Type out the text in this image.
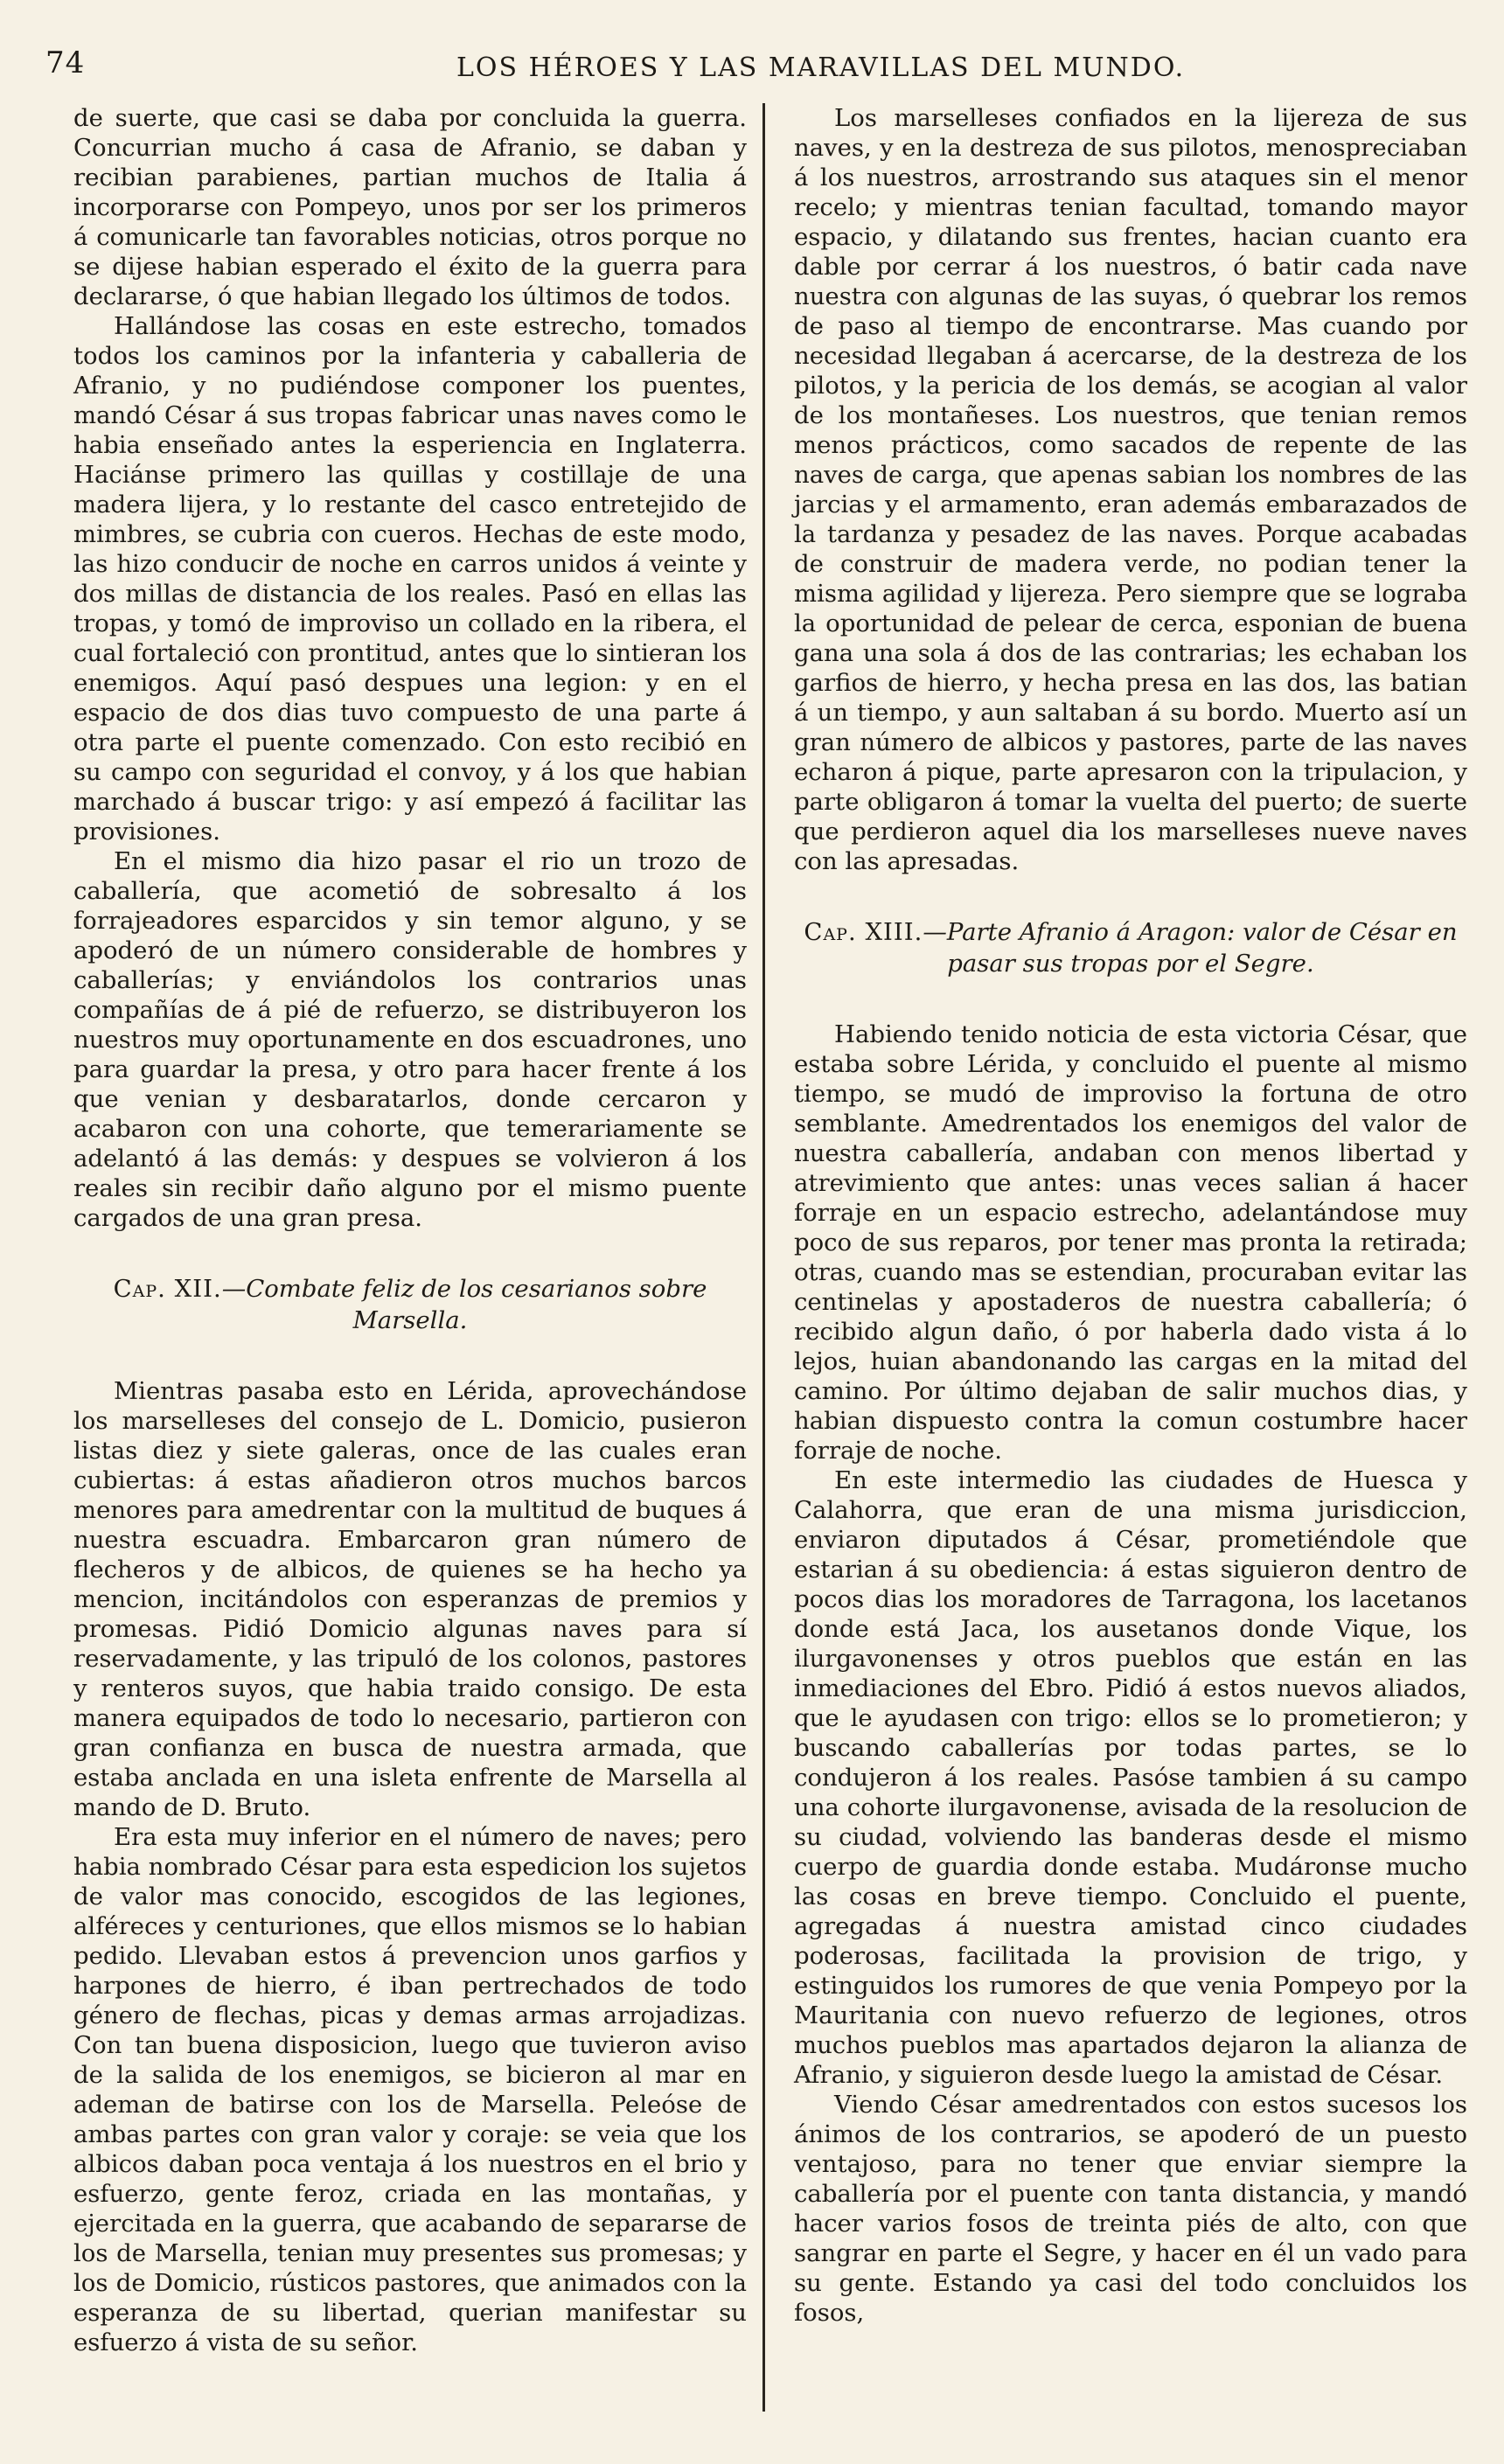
74	LOS HÉROES Y LAS MARAVILLAS DEL MUNDO.

de suerte, que casi se daba por concluida la guerra. Concurrian mucho á casa de Afranio, se daban y recibian parabienes, partian muchos de Italia á incorporarse con Pompeyo, unos por ser los primeros á comunicarle tan favorables noticias, otros porque no se dijese habian esperado el éxito de la guerra para declararse, ó que habian llegado los últimos de todos.

Hallándose las cosas en este estrecho, tomados todos los caminos por la infanteria y caballeria de Afranio, y no pudiéndose componer los puentes, mandó César á sus tropas fabricar unas naves como le habia enseñado antes la esperiencia en Inglaterra. Haciánse primero las quillas y costillaje de una madera lijera, y lo restante del casco entretejido de mimbres, se cubria con cueros. Hechas de este modo, las hizo conducir de noche en carros unidos á veinte y dos millas de distancia de los reales. Pasó en ellas las tropas, y tomó de improviso un collado en la ribera, el cual fortaleció con prontitud, antes que lo sintieran los enemigos. Aquí pasó despues una legion: y en el espacio de dos dias tuvo compuesto de una parte á otra parte el puente comenzado. Con esto recibió en su campo con seguridad el convoy, y á los que habian marchado á buscar trigo: y así empezó á facilitar las provisiones.

En el mismo dia hizo pasar el rio un trozo de caballería, que acometió de sobresalto á los forrajeadores esparcidos y sin temor alguno, y se apoderó de un número considerable de hombres y caballerías; y enviándolos los contrarios unas compañías de á pié de refuerzo, se distribuyeron los nuestros muy oportunamente en dos escuadrones, uno para guardar la presa, y otro para hacer frente á los que venian y desbaratarlos, donde cercaron y acabaron con una cohorte, que temerariamente se adelantó á las demás: y despues se volvieron á los reales sin recibir daño alguno por el mismo puente cargados de una gran presa.

Cap. XII.—Combate feliz de los cesarianos sobre Marsella.

Mientras pasaba esto en Lérida, aprovechándose los marselleses del consejo de L. Domicio, pusieron listas diez y siete galeras, once de las cuales eran cubiertas: á estas añadieron otros muchos barcos menores para amedrentar con la multitud de buques á nuestra escuadra. Embarcaron gran número de flecheros y de albicos, de quienes se ha hecho ya mencion, incitándolos con esperanzas de premios y promesas. Pidió Domicio algunas naves para sí reservadamente, y las tripuló de los colonos, pastores y renteros suyos, que habia traido consigo. De esta manera equipados de todo lo necesario, partieron con gran confianza en busca de nuestra armada, que estaba anclada en una isleta enfrente de Marsella al mando de D. Bruto.

Era esta muy inferior en el número de naves; pero habia nombrado César para esta espedicion los sujetos de valor mas conocido, escogidos de las legiones, alféreces y centuriones, que ellos mismos se lo habian pedido. Llevaban estos á prevencion unos garfios y harpones de hierro, é iban pertrechados de todo género de flechas, picas y demas armas arrojadizas. Con tan buena disposicion, luego que tuvieron aviso de la salida de los enemigos, se bicieron al mar en ademan de batirse con los de Marsella. Peleóse de ambas partes con gran valor y coraje: se veia que los albicos daban poca ventaja á los nuestros en el brio y esfuerzo, gente feroz, criada en las montañas, y ejercitada en la guerra, que acabando de separarse de los de Marsella, tenian muy presentes sus promesas; y los de Domicio, rústicos pastores, que animados con la esperanza de su libertad, querian manifestar su esfuerzo á vista de su señor.

Los marselleses confiados en la lijereza de sus naves, y en la destreza de sus pilotos, menospreciaban á los nuestros, arrostrando sus ataques sin el menor recelo; y mientras tenian facultad, tomando mayor espacio, y dilatando sus frentes, hacian cuanto era dable por cerrar á los nuestros, ó batir cada nave nuestra con algunas de las suyas, ó quebrar los remos de paso al tiempo de encontrarse. Mas cuando por necesidad llegaban á acercarse, de la destreza de los pilotos, y la pericia de los demás, se acogian al valor de los montañeses. Los nuestros, que tenian remos menos prácticos, como sacados de repente de las naves de carga, que apenas sabian los nombres de las jarcias y el armamento, eran además embarazados de la tardanza y pesadez de las naves. Porque acabadas de construir de madera verde, no podian tener la misma agilidad y lijereza. Pero siempre que se lograba la oportunidad de pelear de cerca, esponian de buena gana una sola á dos de las contrarias; les echaban los garfios de hierro, y hecha presa en las dos, las batian á un tiempo, y aun saltaban á su bordo. Muerto así un gran número de albicos y pastores, parte de las naves echaron á pique, parte apresaron con la tripulacion, y parte obligaron á tomar la vuelta del puerto; de suerte que perdieron aquel dia los marselleses nueve naves con las apresadas.

Cap. XIII.—Parte Afranio á Aragon: valor de César en pasar sus tropas por el Segre.

Habiendo tenido noticia de esta victoria César, que estaba sobre Lérida, y concluido el puente al mismo tiempo, se mudó de improviso la fortuna de otro semblante. Amedrentados los enemigos del valor de nuestra caballería, andaban con menos libertad y atrevimiento que antes: unas veces salian á hacer forraje en un espacio estrecho, adelantándose muy poco de sus reparos, por tener mas pronta la retirada; otras, cuando mas se estendian, procuraban evitar las centinelas y apostaderos de nuestra caballería; ó recibido algun daño, ó por haberla dado vista á lo lejos, huian abandonando las cargas en la mitad del camino. Por último dejaban de salir muchos dias, y habian dispuesto contra la comun costumbre hacer forraje de noche.

En este intermedio las ciudades de Huesca y Calahorra, que eran de una misma jurisdiccion, enviaron diputados á César, prometiéndole que estarian á su obediencia: á estas siguieron dentro de pocos dias los moradores de Tarragona, los lacetanos donde está Jaca, los ausetanos donde Vique, los ilurgavonenses y otros pueblos que están en las inmediaciones del Ebro. Pidió á estos nuevos aliados, que le ayudasen con trigo: ellos se lo prometieron; y buscando caballerías por todas partes, se lo condujeron á los reales. Pasóse tambien á su campo una cohorte ilurgavonense, avisada de la resolucion de su ciudad, volviendo las banderas desde el mismo cuerpo de guardia donde estaba. Mudáronse mucho las cosas en breve tiempo. Concluido el puente, agregadas á nuestra amistad cinco ciudades poderosas, facilitada la provision de trigo, y estinguidos los rumores de que venia Pompeyo por la Mauritania con nuevo refuerzo de legiones, otros muchos pueblos mas apartados dejaron la alianza de Afranio, y siguieron desde luego la amistad de César.

Viendo César amedrentados con estos sucesos los ánimos de los contrarios, se apoderó de un puesto ventajoso, para no tener que enviar siempre la caballería por el puente con tanta distancia, y mandó hacer varios fosos de treinta piés de alto, con que sangrar en parte el Segre, y hacer en él un vado para su gente. Estando ya casi del todo concluidos los fosos,
